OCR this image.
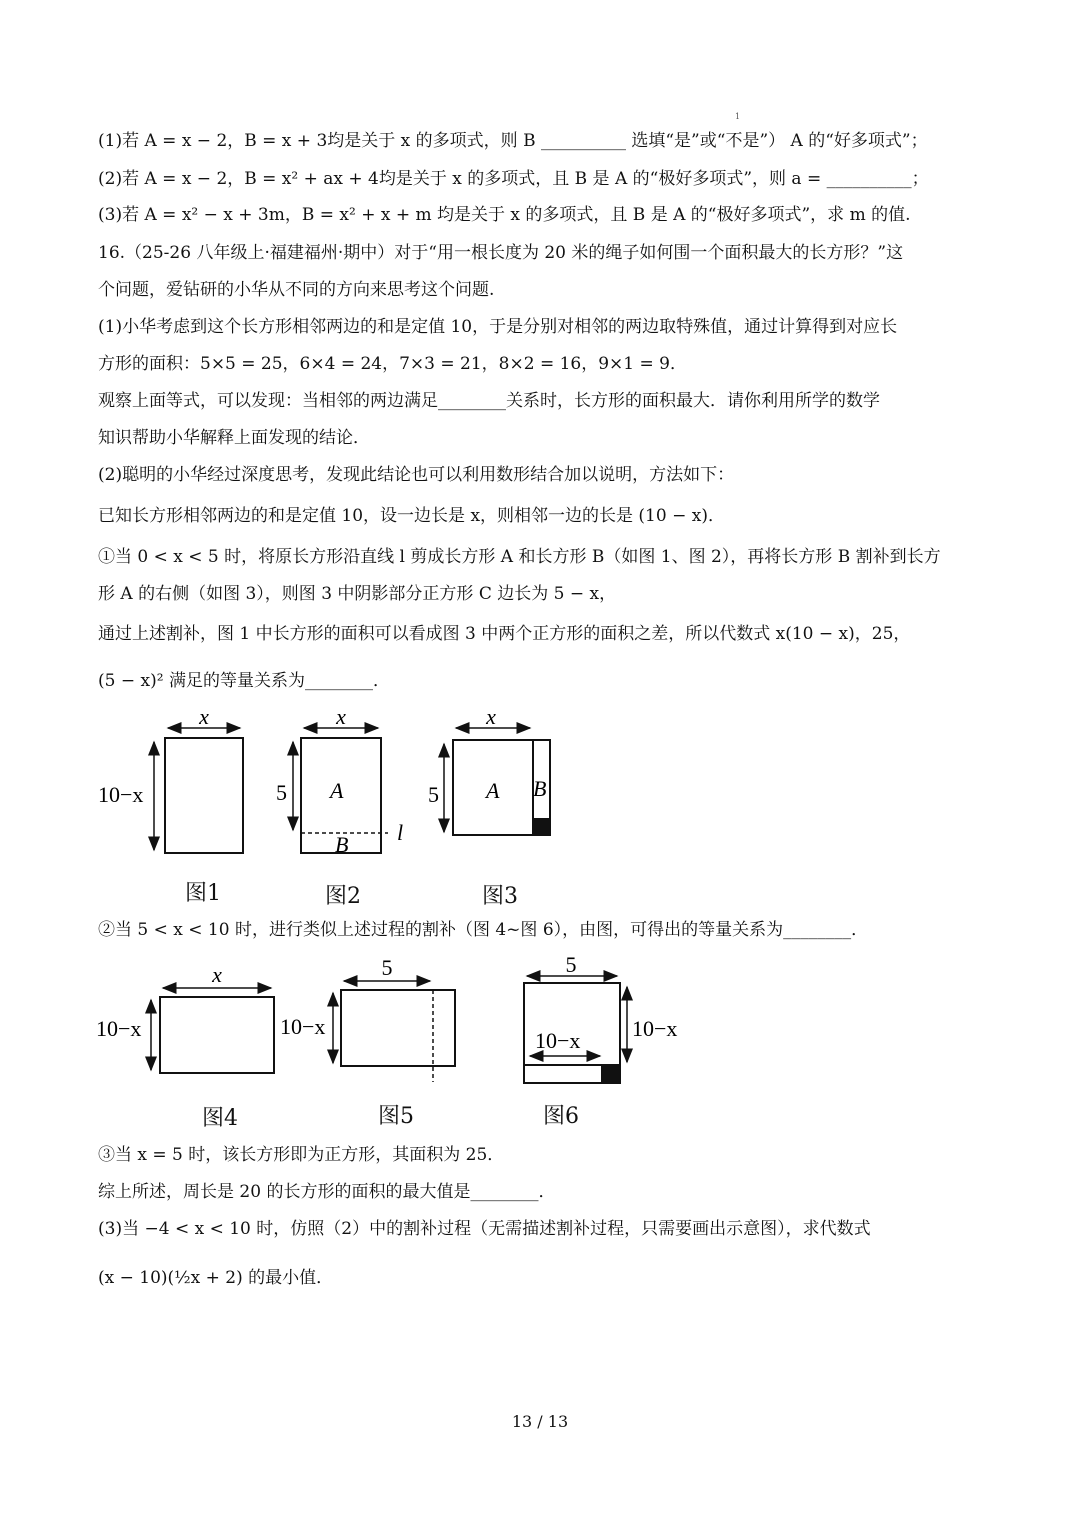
1
(1)若 A = x − 2，B = x + 3均是关于 x 的多项式，则 B __________ 选填“是”或“不是”） A 的“好多项式”；
(2)若 A = x − 2，B = x² + ax + 4均是关于 x 的多项式，且 B 是 A 的“极好多项式”，则 a = __________；
(3)若 A = x² − x + 3m，B = x² + x + m 均是关于 x 的多项式，且 B 是 A 的“极好多项式”，求 m 的值.
16.（25-26 八年级上·福建福州·期中）对于“用一根长度为 20 米的绳子如何围一个面积最大的长方形？”这
个问题，爱钻研的小华从不同的方向来思考这个问题.
(1)小华考虑到这个长方形相邻两边的和是定值 10，于是分别对相邻的两边取特殊值，通过计算得到对应长
方形的面积：5×5 = 25，6×4 = 24，7×3 = 21，8×2 = 16，9×1 = 9．
观察上面等式，可以发现：当相邻的两边满足________关系时，长方形的面积最大．请你利用所学的数学
知识帮助小华解释上面发现的结论．
(2)聪明的小华经过深度思考，发现此结论也可以利用数形结合加以说明，方法如下：
已知长方形相邻两边的和是定值 10，设一边长是 x，则相邻一边的长是 (10 − x)．
①当 0 < x < 5 时，将原长方形沿直线 l 剪成长方形 A 和长方形 B（如图 1、图 2），再将长方形 B 割补到长方
形 A 的右侧（如图 3），则图 3 中阴影部分正方形 C 边长为 5 − x，
通过上述割补，图 1 中长方形的面积可以看成图 3 中两个正方形的面积之差，所以代数式 x(10 − x)，25，
(5 − x)² 满足的等量关系为________．
x
10−x
x
5 A
B l
x
5 A B
图1	图2	图3
②当 5 < x < 10 时，进行类似上述过程的割补（图 4~图 6），由图，可得出的等量关系为________．
x
10−x
5
10−x
5
10−x 10−x
图4	图5	图6
③当 x = 5 时，该长方形即为正方形，其面积为 25．
综上所述，周长是 20 的长方形的面积的最大值是________．
(3)当 −4 < x < 10 时，仿照（2）中的割补过程（无需描述割补过程，只需要画出示意图），求代数式
(x − 10)(½x + 2) 的最小值．
13 / 13
